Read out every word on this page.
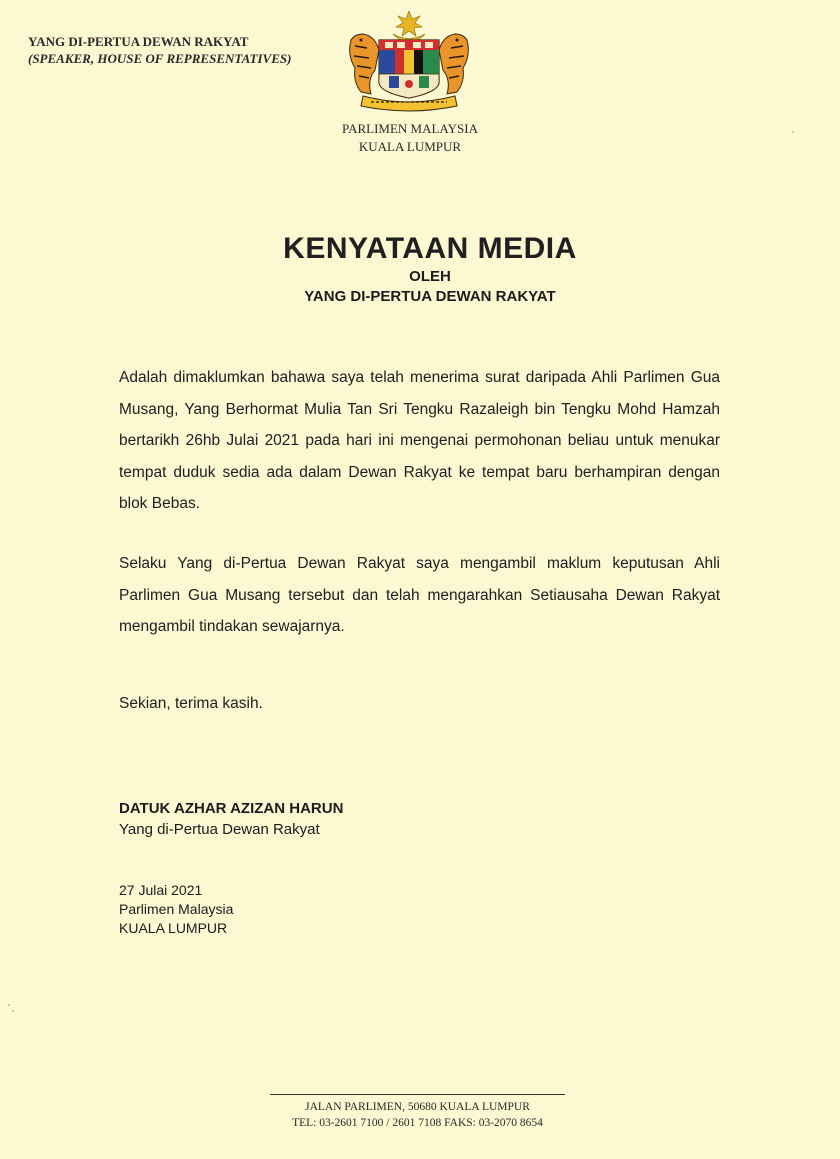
YANG DI-PERTUA DEWAN RAKYAT
(SPEAKER, HOUSE OF REPRESENTATIVES)
PARLIMEN MALAYSIA
KUALA LUMPUR
KENYATAAN MEDIA
OLEH
YANG DI-PERTUA DEWAN RAKYAT
Adalah dimaklumkan bahawa saya telah menerima surat daripada Ahli Parlimen Gua Musang, Yang Berhormat Mulia Tan Sri Tengku Razaleigh bin Tengku Mohd Hamzah bertarikh 26hb Julai 2021 pada hari ini mengenai permohonan beliau untuk menukar tempat duduk sedia ada dalam Dewan Rakyat ke tempat baru berhampiran dengan blok Bebas.
Selaku Yang di-Pertua Dewan Rakyat saya mengambil maklum keputusan Ahli Parlimen Gua Musang tersebut dan telah mengarahkan Setiausaha Dewan Rakyat mengambil tindakan sewajarnya.
Sekian, terima kasih.
DATUK AZHAR AZIZAN HARUN
Yang di-Pertua Dewan Rakyat
27 Julai 2021
Parlimen Malaysia
KUALA LUMPUR
JALAN PARLIMEN, 50680 KUALA LUMPUR
TEL: 03-2601 7100 / 2601 7108 FAKS: 03-2070 8654
